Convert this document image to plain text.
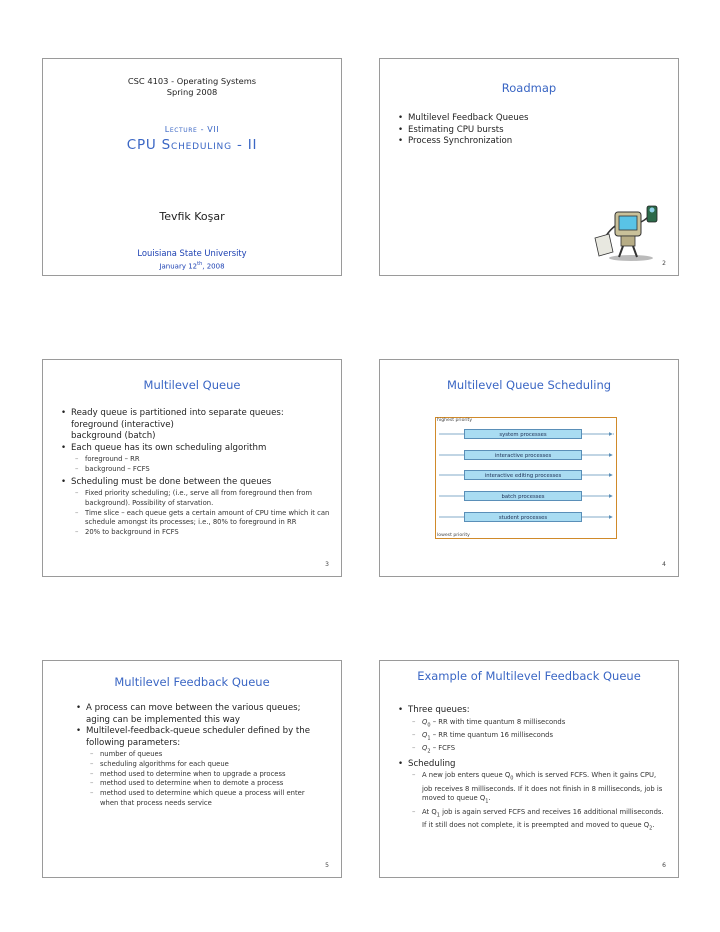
CSC 4103 - Operating Systems
Spring 2008
Lecture - VII
CPU Scheduling - II
Tevfik Koşar
Louisiana State University
January 12th, 2008
Roadmap
• Multilevel Feedback Queues
• Estimating CPU bursts
• Process Synchronization
2
Multilevel Queue
• Ready queue is partitioned into separate queues:
foreground (interactive)
background (batch)
• Each queue has its own scheduling algorithm
– foreground – RR
– background – FCFS
• Scheduling must be done between the queues
– Fixed priority scheduling; (i.e., serve all from foreground then from background). Possibility of starvation.
– Time slice – each queue gets a certain amount of CPU time which it can schedule amongst its processes; i.e., 80% to foreground in RR
– 20% to background in FCFS
3
Multilevel Queue Scheduling
highest priority
lowest priority
system processes
interactive processes
interactive editing processes
batch processes
student processes
4
Multilevel Feedback Queue
• A process can move between the various queues; aging can be implemented this way
• Multilevel-feedback-queue scheduler defined by the following parameters:
– number of queues
– scheduling algorithms for each queue
– method used to determine when to upgrade a process
– method used to determine when to demote a process
– method used to determine which queue a process will enter when that process needs service
5
Example of Multilevel Feedback Queue
• Three queues:
– $Q_0$ – RR with time quantum 8 milliseconds
– $Q_1$ – RR time quantum 16 milliseconds
– $Q_2$ – FCFS
• Scheduling
– A new job enters queue $Q_0$ which is served FCFS. When it gains CPU, job receives 8 milliseconds. If it does not finish in 8 milliseconds, job is moved to queue $Q_1$.
– At $Q_1$ job is again served FCFS and receives 16 additional milliseconds. If it still does not complete, it is preempted and moved to queue $Q_2$.
6
